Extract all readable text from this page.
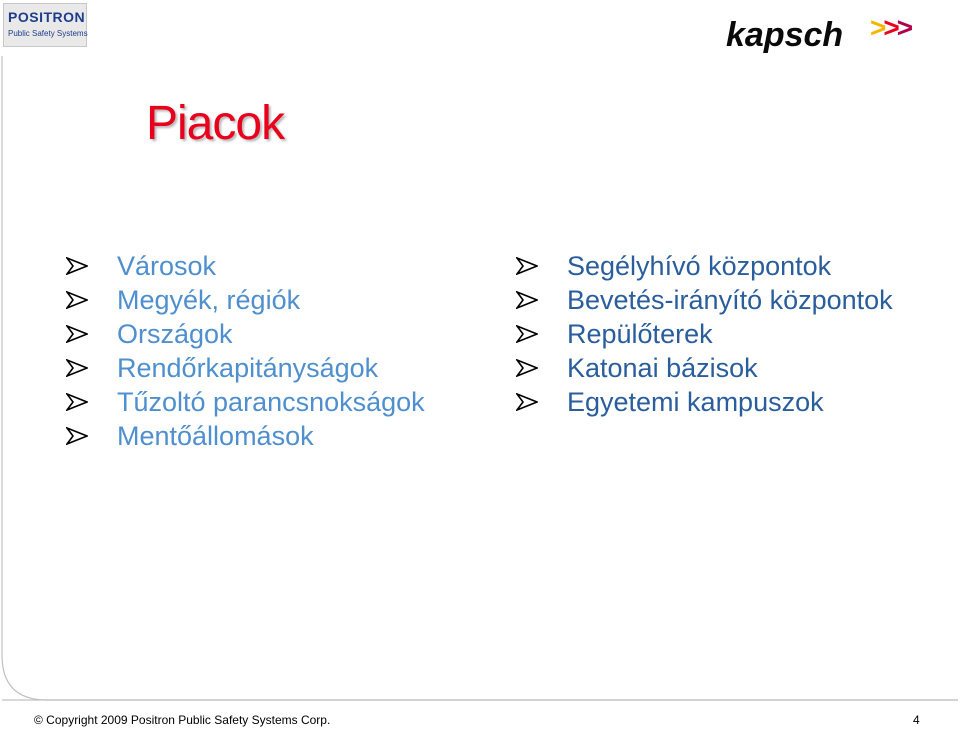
POSITRON
Public Safety Systems	kapsch >>>
Piacok
Városok
Megyék, régiók
Országok
Rendőrkapitányságok
Tűzoltó parancsnokságok
Mentőállomások
Segélyhívó központok
Bevetés-irányító központok
Repülőterek
Katonai bázisok
Egyetemi kampuszok
© Copyright 2009 Positron Public Safety Systems Corp.	4
